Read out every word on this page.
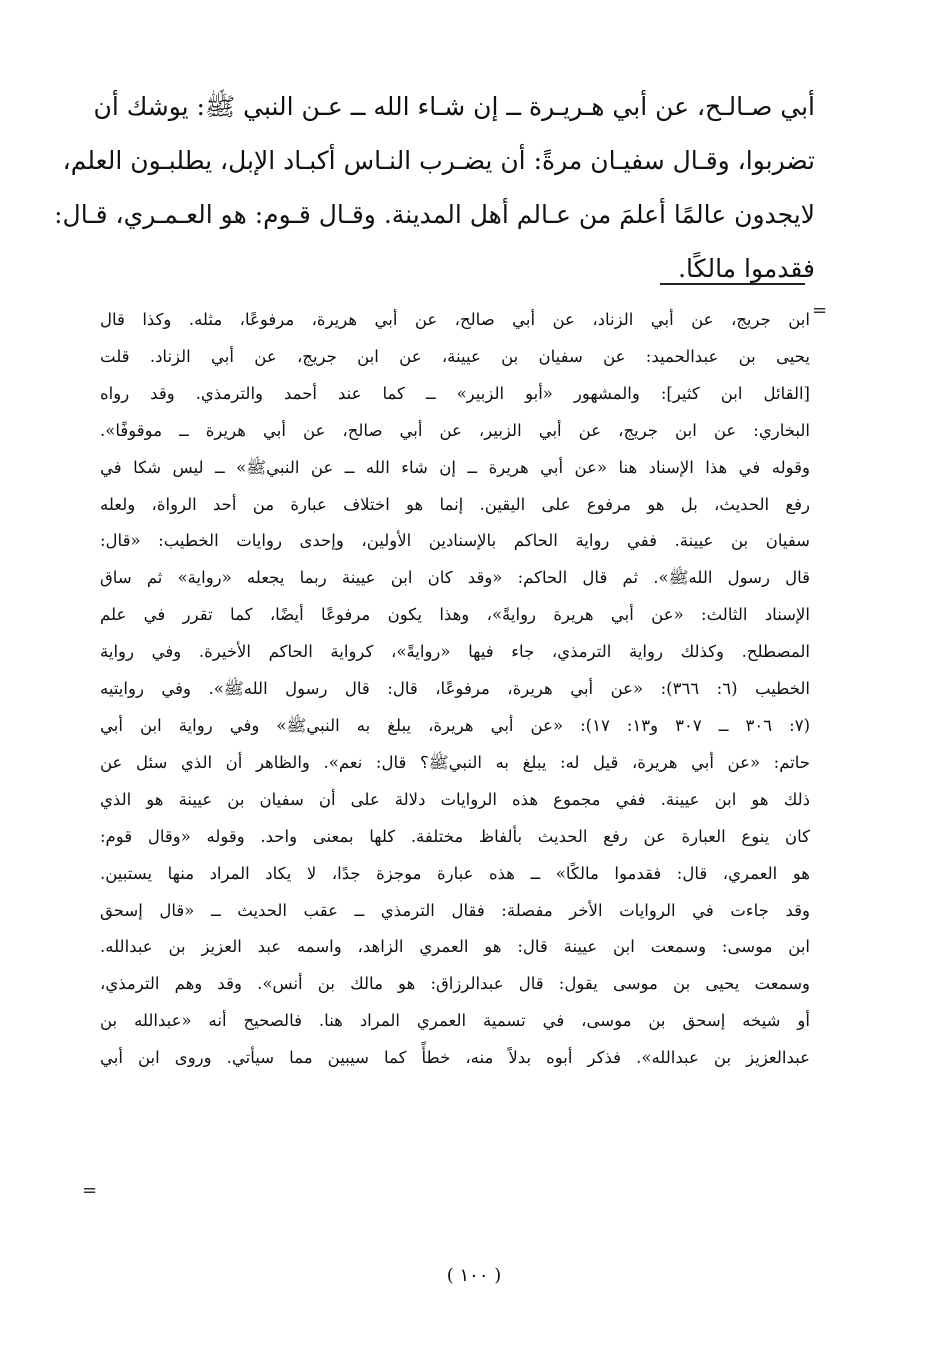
أبي صـالـح، عن أبي هـريـرة ــ إن شـاء الله ــ عـن النبي ﷺ: يوشك أن
تضربوا، وقـال سفيـان مرةً: أن يضـرب النـاس أكبـاد الإبل، يطلبـون العلم،
لايجدون عالمًا أعلمَ من عـالم أهل المدينة. وقـال قـوم: هو العـمـري، قـال:
فقدموا مالكًا.
=
ابن جريج، عن أبي الزناد، عن أبي صالح، عن أبي هريرة، مرفوعًا، مثله. وكذا قال
يحيى بن عبدالحميد: عن سفيان بن عيينة، عن ابن جريج، عن أبي الزناد. قلت
[القائل ابن كثير]: والمشهور «أبو الزبير» ــ كما عند أحمد والترمذي. وقد رواه
البخاري: عن ابن جريج، عن أبي الزبير، عن أبي صالح، عن أبي هريرة ــ موقوفًا».
وقوله في هذا الإسناد هنا «عن أبي هريرة ــ إن شاء الله ــ عن النبيﷺ» ــ ليس شكا في
رفع الحديث، بل هو مرفوع على اليقين. إنما هو اختلاف عبارة من أحد الرواة، ولعله
سفيان بن عيينة. ففي رواية الحاكم بالإسنادين الأولين، وإحدى روايات الخطيب: «قال:
قال رسول اللهﷺ». ثم قال الحاكم: «وقد كان ابن عيينة ربما يجعله «رواية» ثم ساق
الإسناد الثالث: «عن أبي هريرة روايةً»، وهذا يكون مرفوعًا أيضًا، كما تقرر في علم
المصطلح. وكذلك رواية الترمذي، جاء فيها «روايةً»، كرواية الحاكم الأخيرة. وفي رواية
الخطيب (٦: ٣٦٦): «عن أبي هريرة، مرفوعًا، قال: قال رسول اللهﷺ». وفي روايتيه
(٧: ٣٠٦ ــ ٣٠٧ و١٣: ١٧): «عن أبي هريرة، يبلغ به النبيﷺ» وفي رواية ابن أبي
حاتم: «عن أبي هريرة، قيل له: يبلغ به النبيﷺ؟ قال: نعم». والظاهر أن الذي سئل عن
ذلك هو ابن عيينة. ففي مجموع هذه الروايات دلالة على أن سفيان بن عيينة هو الذي
كان ينوع العبارة عن رفع الحديث بألفاظ مختلفة. كلها بمعنى واحد. وقوله «وقال قوم:
هو العمري، قال: فقدموا مالكًا» ــ هذه عبارة موجزة جدًا، لا يكاد المراد منها يستبين.
وقد جاءت في الروايات الأخر مفصلة: فقال الترمذي ــ عقب الحديث ــ «قال إسحق
ابن موسى: وسمعت ابن عيينة قال: هو العمري الزاهد، واسمه عبد العزيز بن عبدالله.
وسمعت يحيى بن موسى يقول: قال عبدالرزاق: هو مالك بن أنس». وقد وهم الترمذي،
أو شيخه إسحق بن موسى، في تسمية العمري المراد هنا. فالصحيح أنه «عبدالله بن
عبدالعزيز بن عبدالله». فذكر أبوه بدلاً منه، خطأً كما سيبين مما سيأتي. وروى ابن أبي
=
( ١٠٠ )
